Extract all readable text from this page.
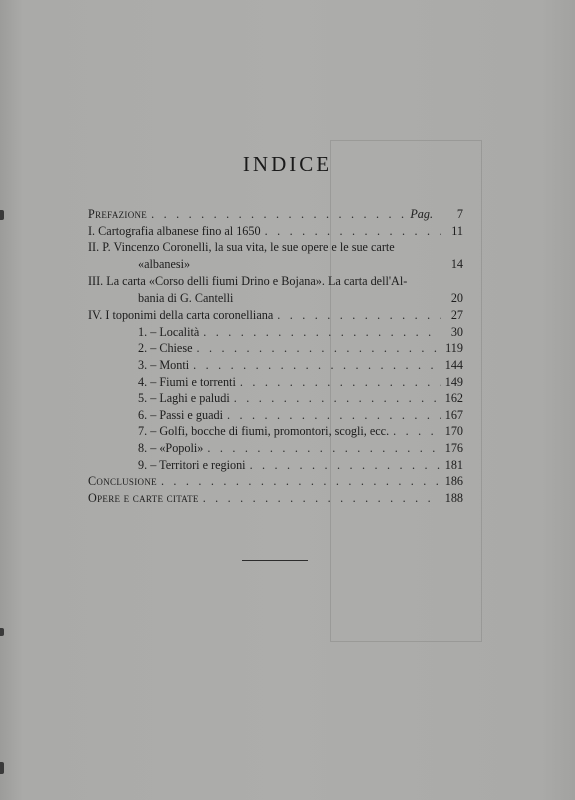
INDICE
Prefazione . . .	Pag.	7
I. Cartografia albanese fino al 1650 . . .	11
II. P. Vincenzo Coronelli, la sua vita, le sue opere e le sue carte
«albanesi»	14
III. La carta «Corso delli fiumi Drino e Bojana». La carta dell'Al-
bania di G. Cantelli	20
IV. I toponimi della carta coronelliana . . .	27
1. – Località . . .	30
2. – Chiese . . .	119
3. – Monti . . .	144
4. – Fiumi e torrenti . . .	149
5. – Laghi e paludi . . .	162
6. – Passi e guadi . . .	167
7. – Golfi, bocche di fiumi, promontori, scogli, ecc. . . .	170
8. – «Popoli» . . .	176
9. – Territori e regioni . . .	181
Conclusione . . .	186
Opere e carte citate . . .	188
